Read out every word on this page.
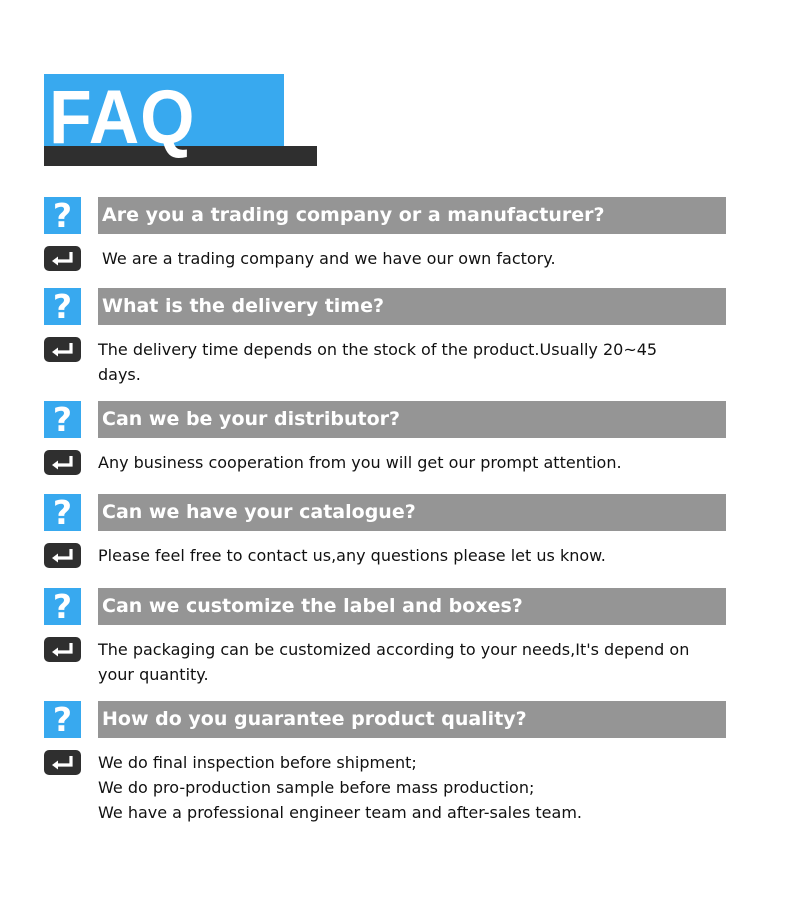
FAQ
?	Are you a trading company or a manufacturer?
We are a trading company and we have our own factory.
?	What is the delivery time?
The delivery time depends on the stock of the product.Usually 20~45
days.
?	Can we be your distributor?
Any business cooperation from you will get our prompt attention.
?	Can we have your catalogue?
Please feel free to contact us,any questions please let us know.
?	Can we customize the label and boxes?
The packaging can be customized according to your needs,It's depend on
your quantity.
?	How do you guarantee product quality?
We do final inspection before shipment;
We do pro-production sample before mass production;
We have a professional engineer team and after-sales team.
